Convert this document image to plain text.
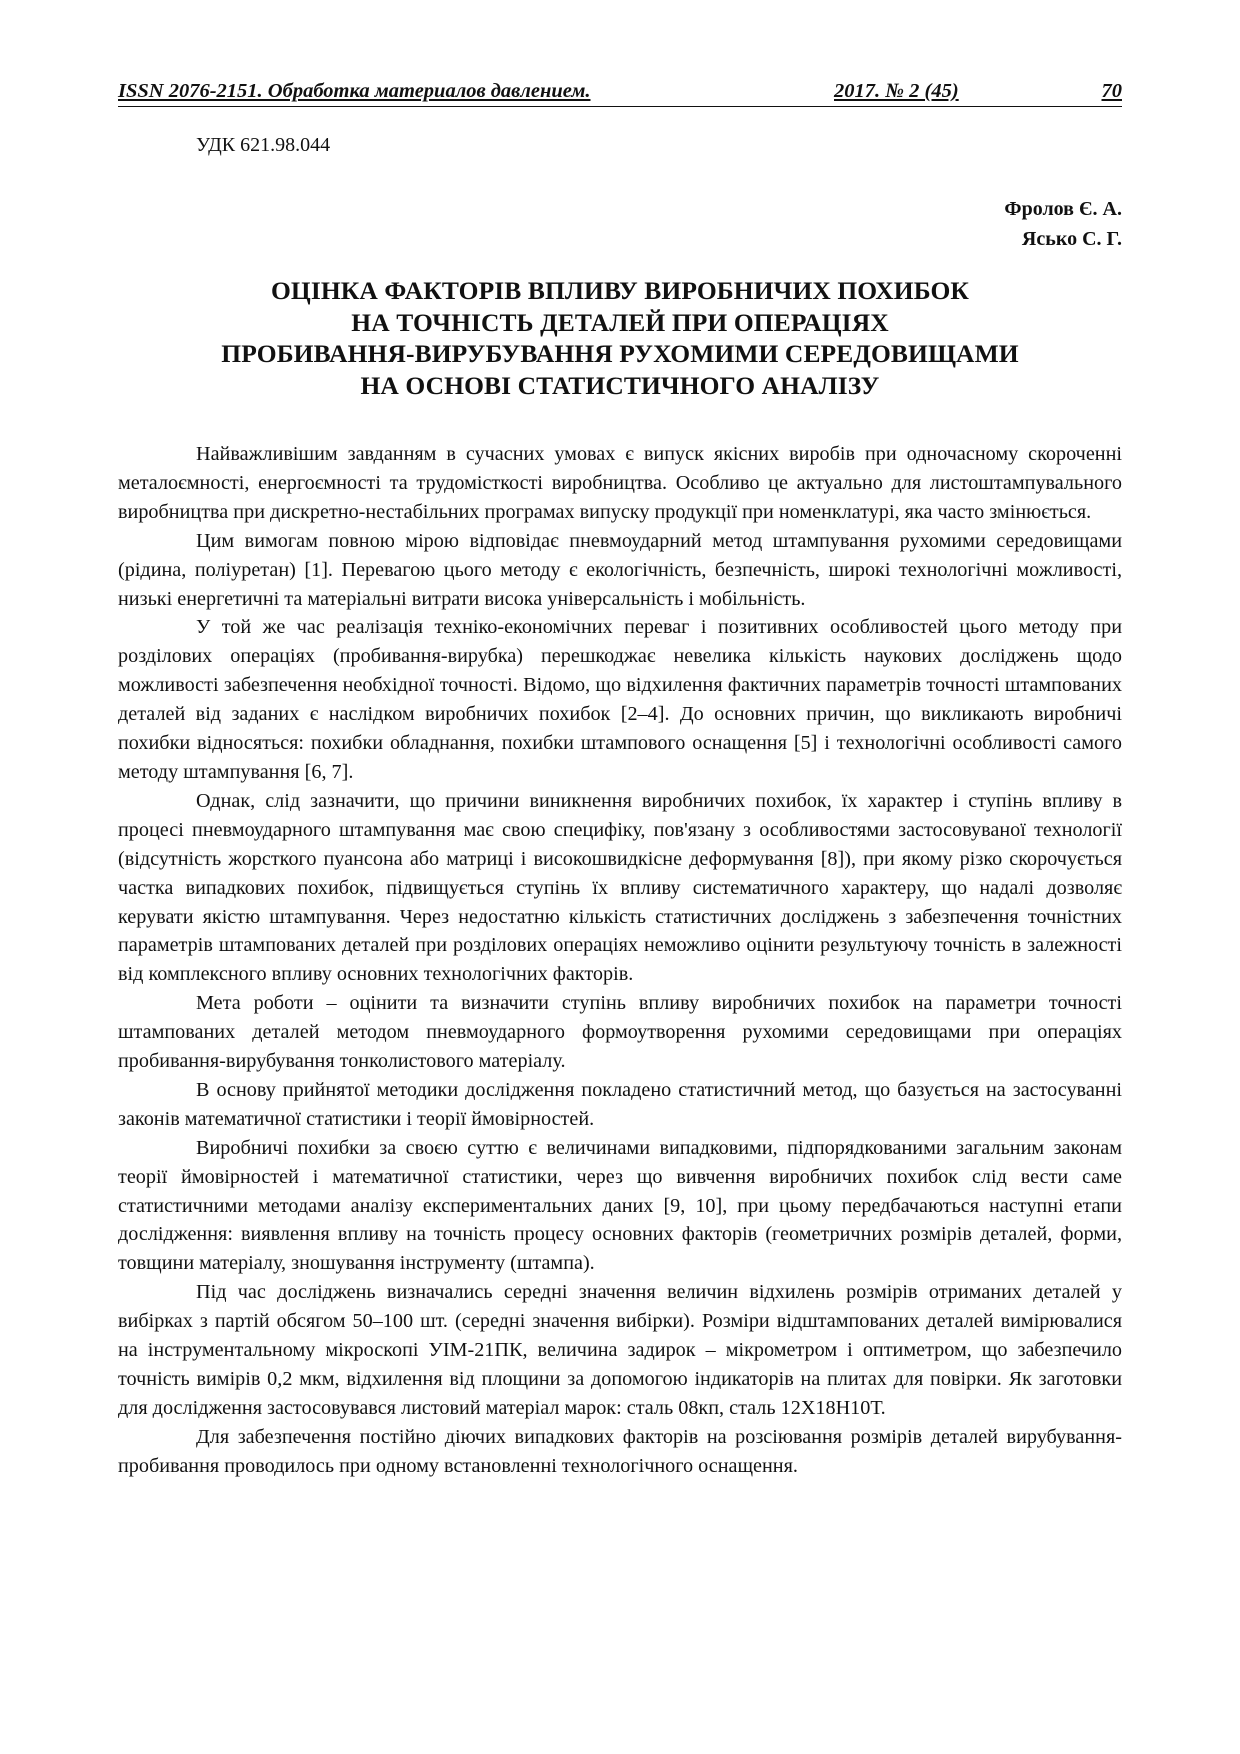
ISSN 2076-2151. Обработка материалов давлением.	2017. № 2 (45)	70
УДК 621.98.044
Фролов Є. А.
Ясько С. Г.
ОЦІНКА ФАКТОРІВ ВПЛИВУ ВИРОБНИЧИХ ПОХИБОК
НА ТОЧНІСТЬ ДЕТАЛЕЙ ПРИ ОПЕРАЦІЯХ
ПРОБИВАННЯ-ВИРУБУВАННЯ РУХОМИМИ СЕРЕДОВИЩАМИ
НА ОСНОВІ СТАТИСТИЧНОГО АНАЛІЗУ

Найважливішим завданням в сучасних умовах є випуск якісних виробів при одночасному скороченні металоємності, енергоємності та трудомісткості виробництва. Особливо це актуально для листоштампувального виробництва при дискретно-нестабільних програмах випуску продукції при номенклатурі, яка часто змінюється.

Цим вимогам повною мірою відповідає пневмоударний метод штампування рухомими середовищами (рідина, поліуретан) [1]. Перевагою цього методу є екологічність, безпечність, широкі технологічні можливості, низькі енергетичні та матеріальні витрати висока універсальність і мобільність.

У той же час реалізація техніко-економічних переваг і позитивних особливостей цього методу при розділових операціях (пробивання-вирубка) перешкоджає невелика кількість наукових досліджень щодо можливості забезпечення необхідної точності. Відомо, що відхилення фактичних параметрів точності штампованих деталей від заданих є наслідком виробничих похибок [2–4]. До основних причин, що викликають виробничі похибки відносяться: похибки обладнання, похибки штампового оснащення [5] і технологічні особливості самого методу штампування [6, 7].

Однак, слід зазначити, що причини виникнення виробничих похибок, їх характер і ступінь впливу в процесі пневмоударного штампування має свою специфіку, пов'язану з особливостями застосовуваної технології (відсутність жорсткого пуансона або матриці і високошвидкісне деформування [8]), при якому різко скорочується частка випадкових похибок, підвищується ступінь їх впливу систематичного характеру, що надалі дозволяє керувати якістю штампування. Через недостатню кількість статистичних досліджень з забезпечення точністних параметрів штампованих деталей при розділових операціях неможливо оцінити результуючу точність в залежності від комплексного впливу основних технологічних факторів.

Мета роботи – оцінити та визначити ступінь впливу виробничих похибок на параметри точності штампованих деталей методом пневмоударного формоутворення рухомими середовищами при операціях пробивання-вирубування тонколистового матеріалу.

В основу прийнятої методики дослідження покладено статистичний метод, що базується на застосуванні законів математичної статистики і теорії ймовірностей.

Виробничі похибки за своєю суттю є величинами випадковими, підпорядкованими загальним законам теорії ймовірностей і математичної статистики, через що вивчення виробничих похибок слід вести саме статистичними методами аналізу експериментальних даних [9, 10], при цьому передбачаються наступні етапи дослідження: виявлення впливу на точність процесу основних факторів (геометричних розмірів деталей, форми, товщини матеріалу, зношування інструменту (штампа).

Під час досліджень визначались середні значення величин відхилень розмірів отриманих деталей у вибірках з партій обсягом 50–100 шт. (середні значення вибірки). Розміри відштампованих деталей вимірювалися на інструментальному мікроскопі УІМ-21ПК, величина задирок – мікрометром і оптиметром, що забезпечило точність вимірів 0,2 мкм, відхилення від площини за допомогою індикаторів на плитах для повірки. Як заготовки для дослідження застосовувався листовий матеріал марок: сталь 08кп, сталь 12Х18Н10Т.

Для забезпечення постійно діючих випадкових факторів на розсіювання розмірів деталей вирубування-пробивання проводилось при одному встановленні технологічного оснащення.
